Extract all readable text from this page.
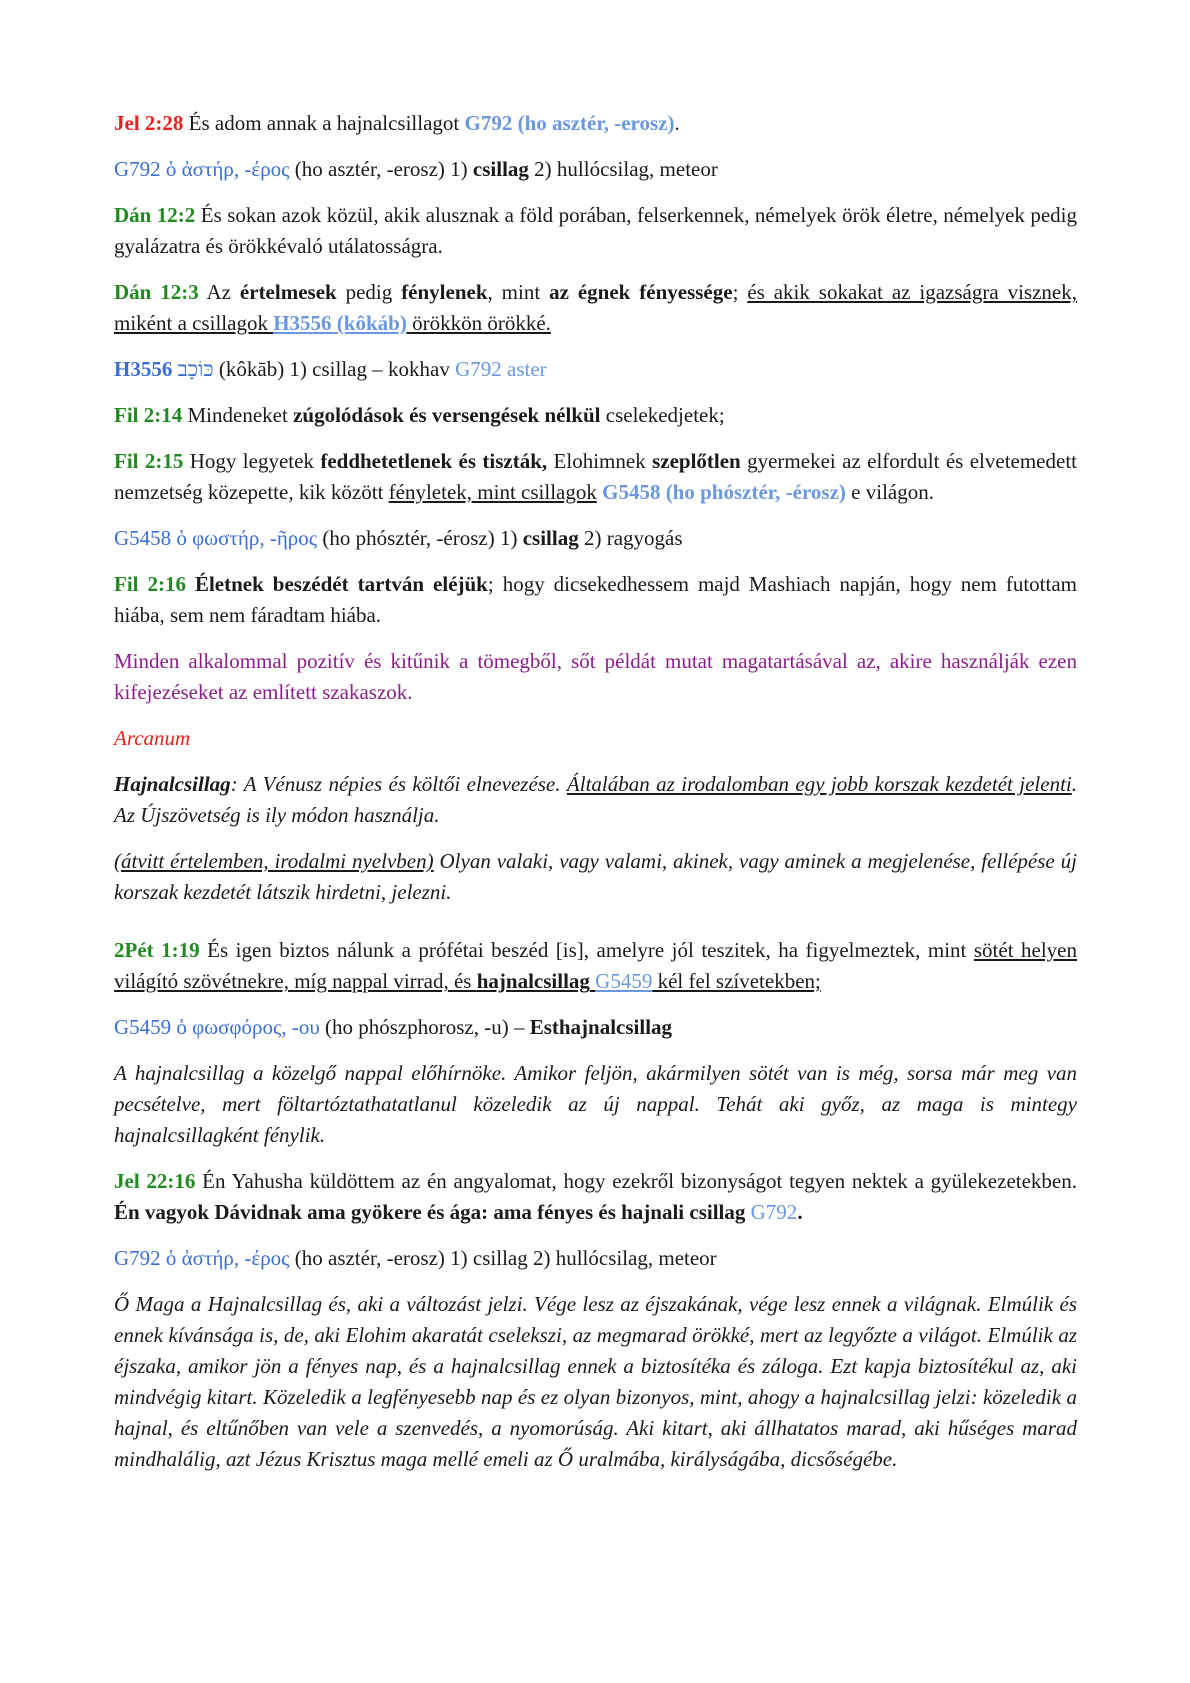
Jel 2:28 És adom annak a hajnalcsillagot G792 (ho asztér, -erosz).

G792 ὁ ἀστήρ, -έρος (ho asztér, -erosz) 1) csillag 2) hullócsilag, meteor

Dán 12:2 És sokan azok közül, akik alusznak a föld porában, felserkennek, némelyek örök életre, némelyek pedig gyalázatra és örökkévaló utálatosságra.

Dán 12:3 Az értelmesek pedig fénylenek, mint az égnek fényessége; és akik sokakat az igazságra visznek, miként a csillagok H3556 (kôkáb) örökkön örökké.

H3556 כּוֹכָב (kôkāb) 1) csillag – kokhav G792 aster

Fil 2:14 Mindeneket zúgolódások és versengések nélkül cselekedjetek;

Fil 2:15 Hogy legyetek feddhetetlenek és tiszták, Elohimnek szeplőtlen gyermekei az elfordult és elvetemedett nemzetség közepette, kik között fényletek, mint csillagok G5458 (ho phósztér, -érosz) e világon.

G5458 ὁ φωστήρ, -ῆρος (ho phósztér, -érosz) 1) csillag 2) ragyogás

Fil 2:16 Életnek beszédét tartván eléjük; hogy dicsekedhessem majd Mashiach napján, hogy nem futottam hiába, sem nem fáradtam hiába.

Minden alkalommal pozitív és kitűnik a tömegből, sőt példát mutat magatartásával az, akire használják ezen kifejezéseket az említett szakaszok.

Arcanum

Hajnalcsillag: A Vénusz népies és költői elnevezése. Általában az irodalomban egy jobb korszak kezdetét jelenti. Az Újszövetség is ily módon használja.

(átvitt értelemben, irodalmi nyelvben) Olyan valaki, vagy valami, akinek, vagy aminek a megjelenése, fellépése új korszak kezdetét látszik hirdetni, jelezni.

2Pét 1:19 És igen biztos nálunk a prófétai beszéd [is], amelyre jól teszitek, ha figyelmeztek, mint sötét helyen világító szövétnekre, míg nappal virrad, és hajnalcsillag G5459 kél fel szívetekben;

G5459 ὁ φωσφόρος, -ου (ho phószphorosz, -u) – Esthajnalcsillag

A hajnalcsillag a közelgő nappal előhírnöke. Amikor feljön, akármilyen sötét van is még, sorsa már meg van pecsételve, mert föltartóztathatatlanul közeledik az új nappal. Tehát aki győz, az maga is mintegy hajnalcsillagként fénylik.

Jel 22:16 Én Yahusha küldöttem az én angyalomat, hogy ezekről bizonyságot tegyen nektek a gyülekezetekben. Én vagyok Dávidnak ama gyökere és ága: ama fényes és hajnali csillag G792.

G792 ὁ ἀστήρ, -έρος (ho asztér, -erosz) 1) csillag 2) hullócsilag, meteor

Ő Maga a Hajnalcsillag és, aki a változást jelzi. Vége lesz az éjszakának, vége lesz ennek a világnak. Elmúlik és ennek kívánsága is, de, aki Elohim akaratát cselekszi, az megmarad örökké, mert az legyőzte a világot. Elmúlik az éjszaka, amikor jön a fényes nap, és a hajnalcsillag ennek a biztosítéka és záloga. Ezt kapja biztosítékul az, aki mindvégig kitart. Közeledik a legfényesebb nap és ez olyan bizonyos, mint, ahogy a hajnalcsillag jelzi: közeledik a hajnal, és eltűnőben van vele a szenvedés, a nyomorúság. Aki kitart, aki állhatatos marad, aki hűséges marad mindhalálig, azt Jézus Krisztus maga mellé emeli az Ő uralmába, királyságába, dicsőségébe.
